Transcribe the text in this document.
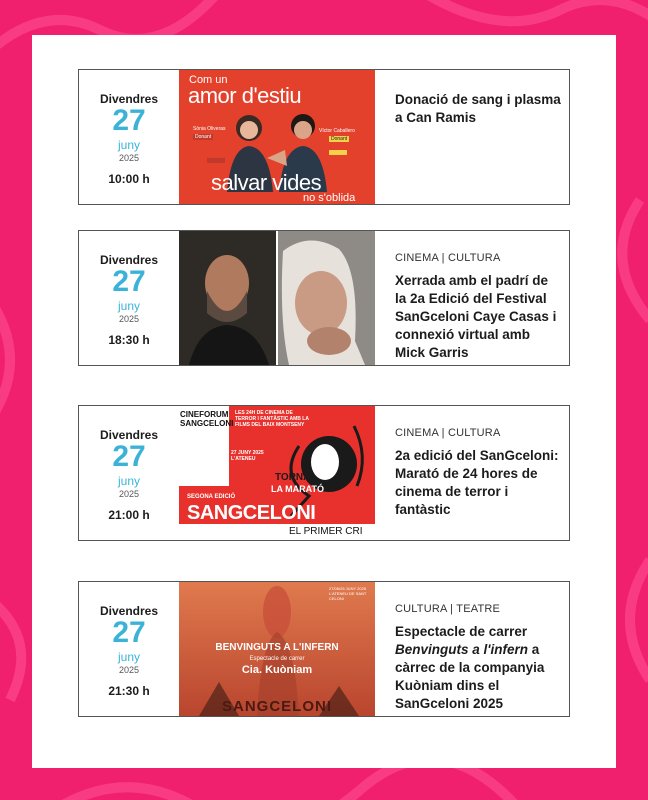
Divendres
27
juny
2025
10:00 h
Com un
amor d'estiu
Sònia Oliveras	Víctor Caballero
Donant	Donant
salvar vides
no s'oblida
Donació de sang i plasma a Can Ramis
Divendres
27
juny
2025
18:30 h
CINEMA | CULTURA
Xerrada amb el padrí de la 2a Edició del Festival SanGceloni Caye Casas i connexió virtual amb Mick Garris
Divendres
27
juny
2025
21:00 h
CINEFORUM SANGCELONI
LES 24H DE CINEMA DE TERROR I FANTÀSTIC AMB LA FILMS DEL BAIX MONTSENY
27 JUNY 2025 L'ATENEU
TORNA
LA MARATÓ
SEGONA EDICIÓ
SANGCELONI
EL PRIMER CRI
CINEMA | CULTURA
2a edició del SanGceloni: Marató de 24 hores de cinema de terror i fantàstic
Divendres
27
juny
2025
21:30 h
27/06/25 JUNY 2025 L'ATENEU DE SANT CELONI
BENVINGUTS A L'INFERN
Espectacle de carrer
Cia. Kuòniam
SANGCELONI
CULTURA | TEATRE
Espectacle de carrer Benvinguts a l'infern a càrrec de la companyia Kuòniam dins el SanGceloni 2025
